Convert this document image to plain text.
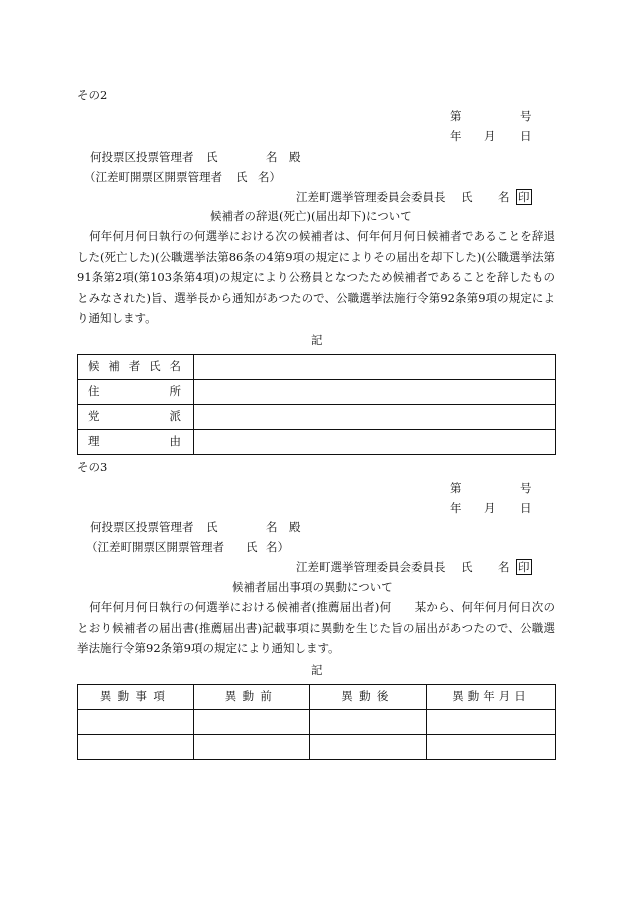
その2
第	号
年 月 日
何投票区投票管理者 氏	名 殿
（江差町開票区開票管理者 氏 名）
江差町選挙管理委員会委員長 氏 名 印
候補者の辞退(死亡)(届出却下)について
何年何月何日執行の何選挙における次の候補者は、何年何月何日候補者であることを辞退した(死亡した)(公職選挙法第86条の4第9項の規定によりその届出を却下した)(公職選挙法第91条第2項(第103条第4項)の規定により公務員となつたため候補者であることを辞したものとみなされた)旨、選挙長から通知があつたので、公職選挙法施行令第92条第9項の規定により通知します。
記
候 補 者 氏 名	

住 所	

党 派	

理 由	

その3
第	号
年 月 日
何投票区投票管理者 氏	名 殿
（江差町開票区開票管理者 氏 名）
江差町選挙管理委員会委員長 氏 名 印
候補者届出事項の異動について
何年何月何日執行の何選挙における候補者(推薦届出者)何　　某から、何年何月何日次のとおり候補者の届出書(推薦届出書)記載事項に異動を生じた旨の届出があつたので、公職選挙法施行令第92条第9項の規定により通知します。
記
異動事項	異動前	異動後	異動年月日
